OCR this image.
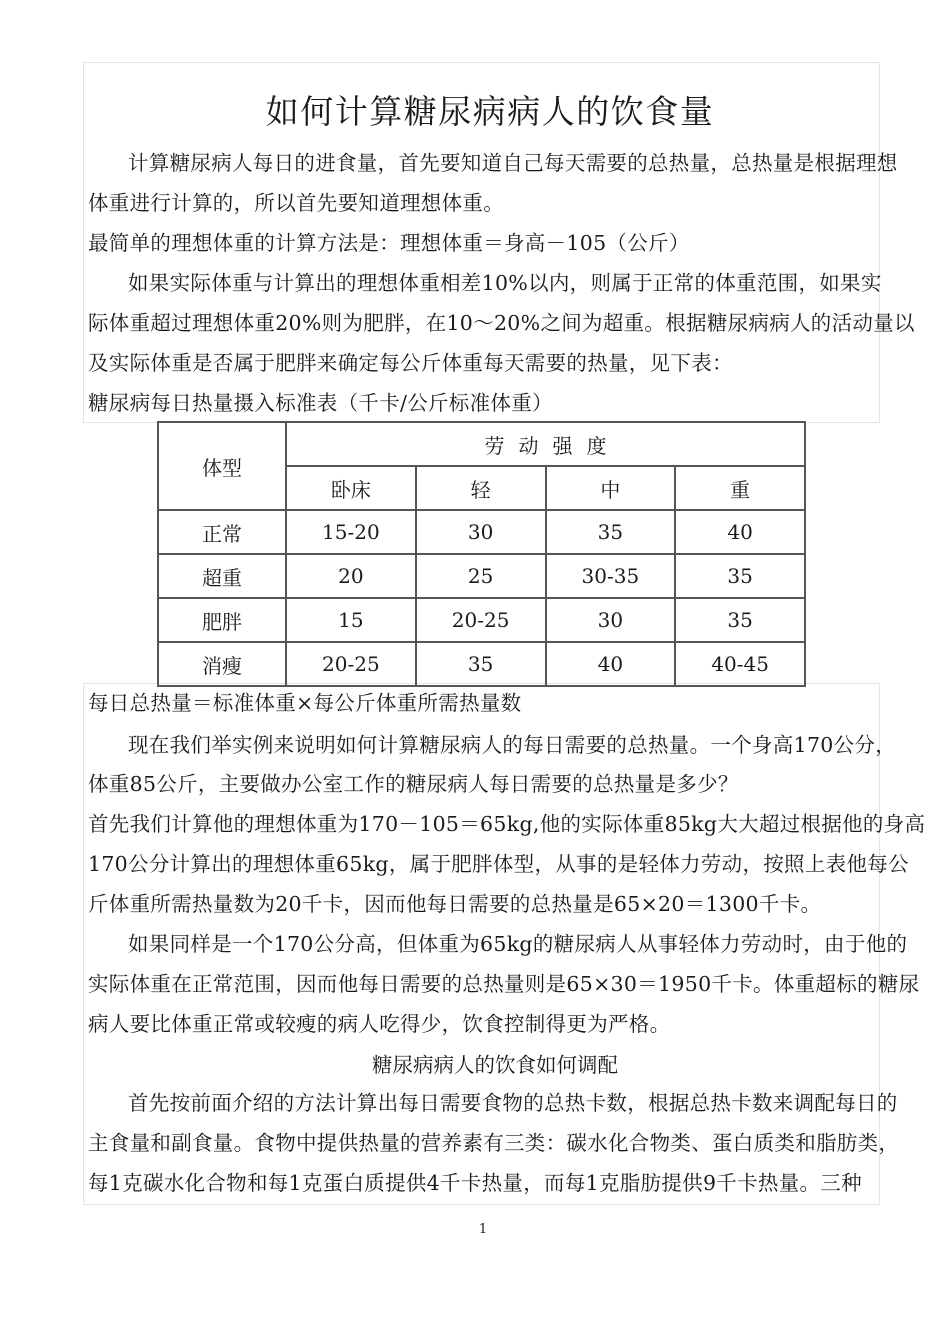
如何计算糖尿病病人的饮食量
计算糖尿病人每日的进食量，首先要知道自己每天需要的总热量，总热量是根据理想
体重进行计算的，所以首先要知道理想体重。
最简单的理想体重的计算方法是：理想体重＝身高－105（公斤）
如果实际体重与计算出的理想体重相差10%以内，则属于正常的体重范围，如果实
际体重超过理想体重20%则为肥胖，在10～20%之间为超重。根据糖尿病病人的活动量以
及实际体重是否属于肥胖来确定每公斤体重每天需要的热量，见下表：
糖尿病每日热量摄入标准表（千卡/公斤标准体重）
体型	劳动强度			
	卧床	轻	中	重
正常	15-20	30	35	40
超重	20	25	30-35	35
肥胖	15	20-25	30	35
消瘦	20-25	35	40	40-45
每日总热量＝标准体重×每公斤体重所需热量数
现在我们举实例来说明如何计算糖尿病人的每日需要的总热量。一个身高170公分，
体重85公斤，主要做办公室工作的糖尿病人每日需要的总热量是多少？
首先我们计算他的理想体重为170－105＝65kg,他的实际体重85kg大大超过根据他的身高
170公分计算出的理想体重65kg，属于肥胖体型，从事的是轻体力劳动，按照上表他每公
斤体重所需热量数为20千卡，因而他每日需要的总热量是65×20＝1300千卡。
如果同样是一个170公分高，但体重为65kg的糖尿病人从事轻体力劳动时，由于他的
实际体重在正常范围，因而他每日需要的总热量则是65×30＝1950千卡。体重超标的糖尿
病人要比体重正常或较瘦的病人吃得少，饮食控制得更为严格。
糖尿病病人的饮食如何调配
首先按前面介绍的方法计算出每日需要食物的总热卡数，根据总热卡数来调配每日的
主食量和副食量。食物中提供热量的营养素有三类：碳水化合物类、蛋白质类和脂肪类，
每1克碳水化合物和每1克蛋白质提供4千卡热量，而每1克脂肪提供9千卡热量。三种
1
